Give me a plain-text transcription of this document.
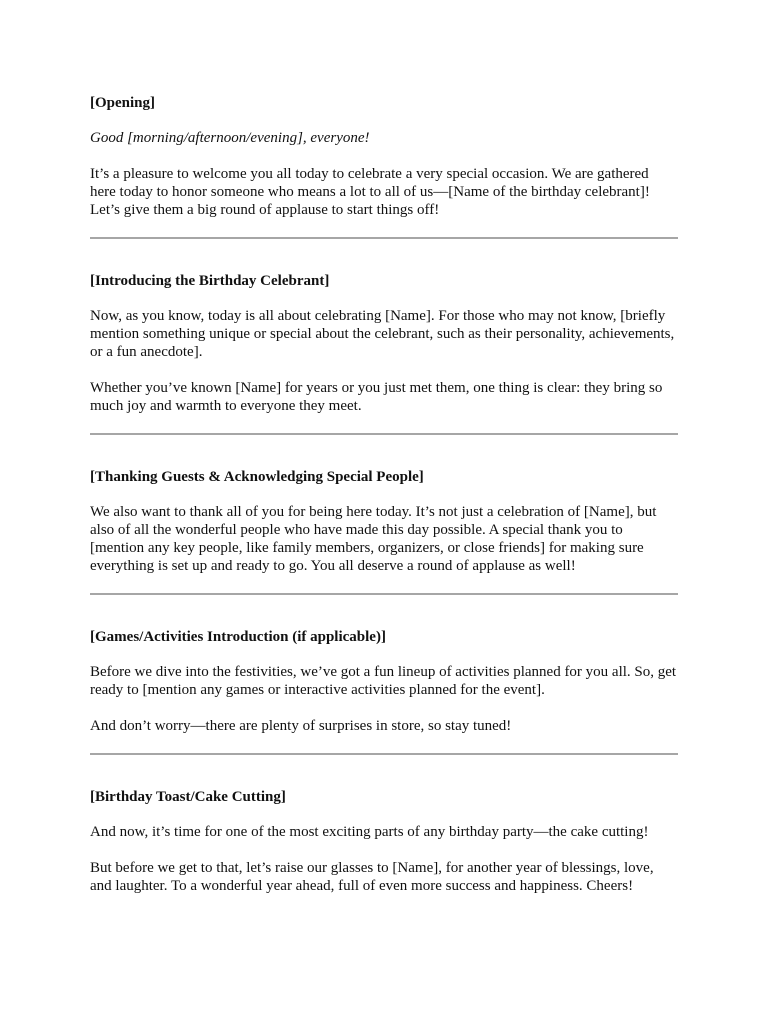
[Opening]
Good [morning/afternoon/evening], everyone!
It’s a pleasure to welcome you all today to celebrate a very special occasion. We are gathered here today to honor someone who means a lot to all of us—[Name of the birthday celebrant]! Let’s give them a big round of applause to start things off!
[Introducing the Birthday Celebrant]
Now, as you know, today is all about celebrating [Name]. For those who may not know, [briefly mention something unique or special about the celebrant, such as their personality, achievements, or a fun anecdote].
Whether you’ve known [Name] for years or you just met them, one thing is clear: they bring so much joy and warmth to everyone they meet.
[Thanking Guests & Acknowledging Special People]
We also want to thank all of you for being here today. It’s not just a celebration of [Name], but also of all the wonderful people who have made this day possible. A special thank you to [mention any key people, like family members, organizers, or close friends] for making sure everything is set up and ready to go. You all deserve a round of applause as well!
[Games/Activities Introduction (if applicable)]
Before we dive into the festivities, we’ve got a fun lineup of activities planned for you all. So, get ready to [mention any games or interactive activities planned for the event].
And don’t worry—there are plenty of surprises in store, so stay tuned!
[Birthday Toast/Cake Cutting]
And now, it’s time for one of the most exciting parts of any birthday party—the cake cutting!
But before we get to that, let’s raise our glasses to [Name], for another year of blessings, love, and laughter. To a wonderful year ahead, full of even more success and happiness. Cheers!
